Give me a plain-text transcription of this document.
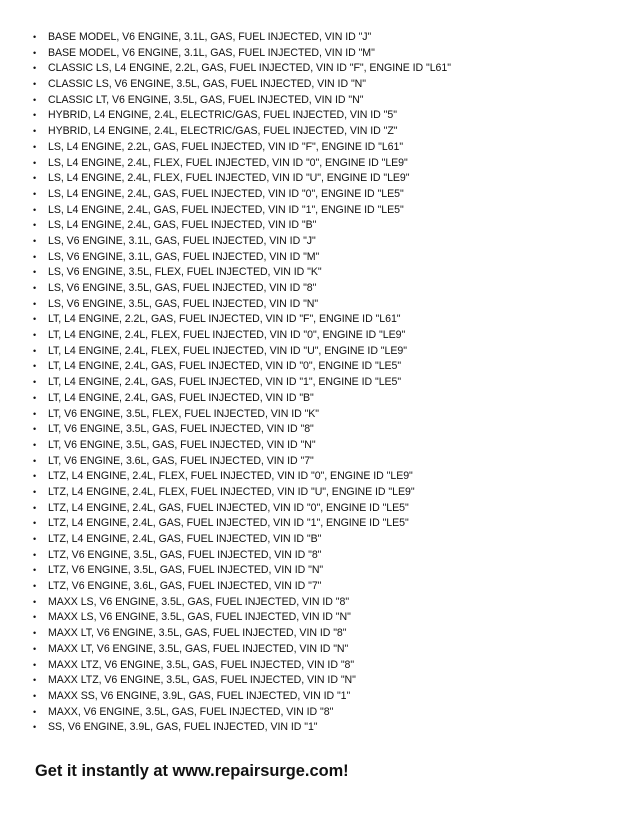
•	BASE MODEL, V6 ENGINE, 3.1L, GAS, FUEL INJECTED, VIN ID "J"
•	BASE MODEL, V6 ENGINE, 3.1L, GAS, FUEL INJECTED, VIN ID "M"
•	CLASSIC LS, L4 ENGINE, 2.2L, GAS, FUEL INJECTED, VIN ID "F", ENGINE ID "L61"
•	CLASSIC LS, V6 ENGINE, 3.5L, GAS, FUEL INJECTED, VIN ID "N"
•	CLASSIC LT, V6 ENGINE, 3.5L, GAS, FUEL INJECTED, VIN ID "N"
•	HYBRID, L4 ENGINE, 2.4L, ELECTRIC/GAS, FUEL INJECTED, VIN ID "5"
•	HYBRID, L4 ENGINE, 2.4L, ELECTRIC/GAS, FUEL INJECTED, VIN ID "Z"
•	LS, L4 ENGINE, 2.2L, GAS, FUEL INJECTED, VIN ID "F", ENGINE ID "L61"
•	LS, L4 ENGINE, 2.4L, FLEX, FUEL INJECTED, VIN ID "0", ENGINE ID "LE9"
•	LS, L4 ENGINE, 2.4L, FLEX, FUEL INJECTED, VIN ID "U", ENGINE ID "LE9"
•	LS, L4 ENGINE, 2.4L, GAS, FUEL INJECTED, VIN ID "0", ENGINE ID "LE5"
•	LS, L4 ENGINE, 2.4L, GAS, FUEL INJECTED, VIN ID "1", ENGINE ID "LE5"
•	LS, L4 ENGINE, 2.4L, GAS, FUEL INJECTED, VIN ID "B"
•	LS, V6 ENGINE, 3.1L, GAS, FUEL INJECTED, VIN ID "J"
•	LS, V6 ENGINE, 3.1L, GAS, FUEL INJECTED, VIN ID "M"
•	LS, V6 ENGINE, 3.5L, FLEX, FUEL INJECTED, VIN ID "K"
•	LS, V6 ENGINE, 3.5L, GAS, FUEL INJECTED, VIN ID "8"
•	LS, V6 ENGINE, 3.5L, GAS, FUEL INJECTED, VIN ID "N"
•	LT, L4 ENGINE, 2.2L, GAS, FUEL INJECTED, VIN ID "F", ENGINE ID "L61"
•	LT, L4 ENGINE, 2.4L, FLEX, FUEL INJECTED, VIN ID "0", ENGINE ID "LE9"
•	LT, L4 ENGINE, 2.4L, FLEX, FUEL INJECTED, VIN ID "U", ENGINE ID "LE9"
•	LT, L4 ENGINE, 2.4L, GAS, FUEL INJECTED, VIN ID "0", ENGINE ID "LE5"
•	LT, L4 ENGINE, 2.4L, GAS, FUEL INJECTED, VIN ID "1", ENGINE ID "LE5"
•	LT, L4 ENGINE, 2.4L, GAS, FUEL INJECTED, VIN ID "B"
•	LT, V6 ENGINE, 3.5L, FLEX, FUEL INJECTED, VIN ID "K"
•	LT, V6 ENGINE, 3.5L, GAS, FUEL INJECTED, VIN ID "8"
•	LT, V6 ENGINE, 3.5L, GAS, FUEL INJECTED, VIN ID "N"
•	LT, V6 ENGINE, 3.6L, GAS, FUEL INJECTED, VIN ID "7"
•	LTZ, L4 ENGINE, 2.4L, FLEX, FUEL INJECTED, VIN ID "0", ENGINE ID "LE9"
•	LTZ, L4 ENGINE, 2.4L, FLEX, FUEL INJECTED, VIN ID "U", ENGINE ID "LE9"
•	LTZ, L4 ENGINE, 2.4L, GAS, FUEL INJECTED, VIN ID "0", ENGINE ID "LE5"
•	LTZ, L4 ENGINE, 2.4L, GAS, FUEL INJECTED, VIN ID "1", ENGINE ID "LE5"
•	LTZ, L4 ENGINE, 2.4L, GAS, FUEL INJECTED, VIN ID "B"
•	LTZ, V6 ENGINE, 3.5L, GAS, FUEL INJECTED, VIN ID "8"
•	LTZ, V6 ENGINE, 3.5L, GAS, FUEL INJECTED, VIN ID "N"
•	LTZ, V6 ENGINE, 3.6L, GAS, FUEL INJECTED, VIN ID "7"
•	MAXX LS, V6 ENGINE, 3.5L, GAS, FUEL INJECTED, VIN ID "8"
•	MAXX LS, V6 ENGINE, 3.5L, GAS, FUEL INJECTED, VIN ID "N"
•	MAXX LT, V6 ENGINE, 3.5L, GAS, FUEL INJECTED, VIN ID "8"
•	MAXX LT, V6 ENGINE, 3.5L, GAS, FUEL INJECTED, VIN ID "N"
•	MAXX LTZ, V6 ENGINE, 3.5L, GAS, FUEL INJECTED, VIN ID "8"
•	MAXX LTZ, V6 ENGINE, 3.5L, GAS, FUEL INJECTED, VIN ID "N"
•	MAXX SS, V6 ENGINE, 3.9L, GAS, FUEL INJECTED, VIN ID "1"
•	MAXX, V6 ENGINE, 3.5L, GAS, FUEL INJECTED, VIN ID "8"
•	SS, V6 ENGINE, 3.9L, GAS, FUEL INJECTED, VIN ID "1"
Get it instantly at www.repairsurge.com!
